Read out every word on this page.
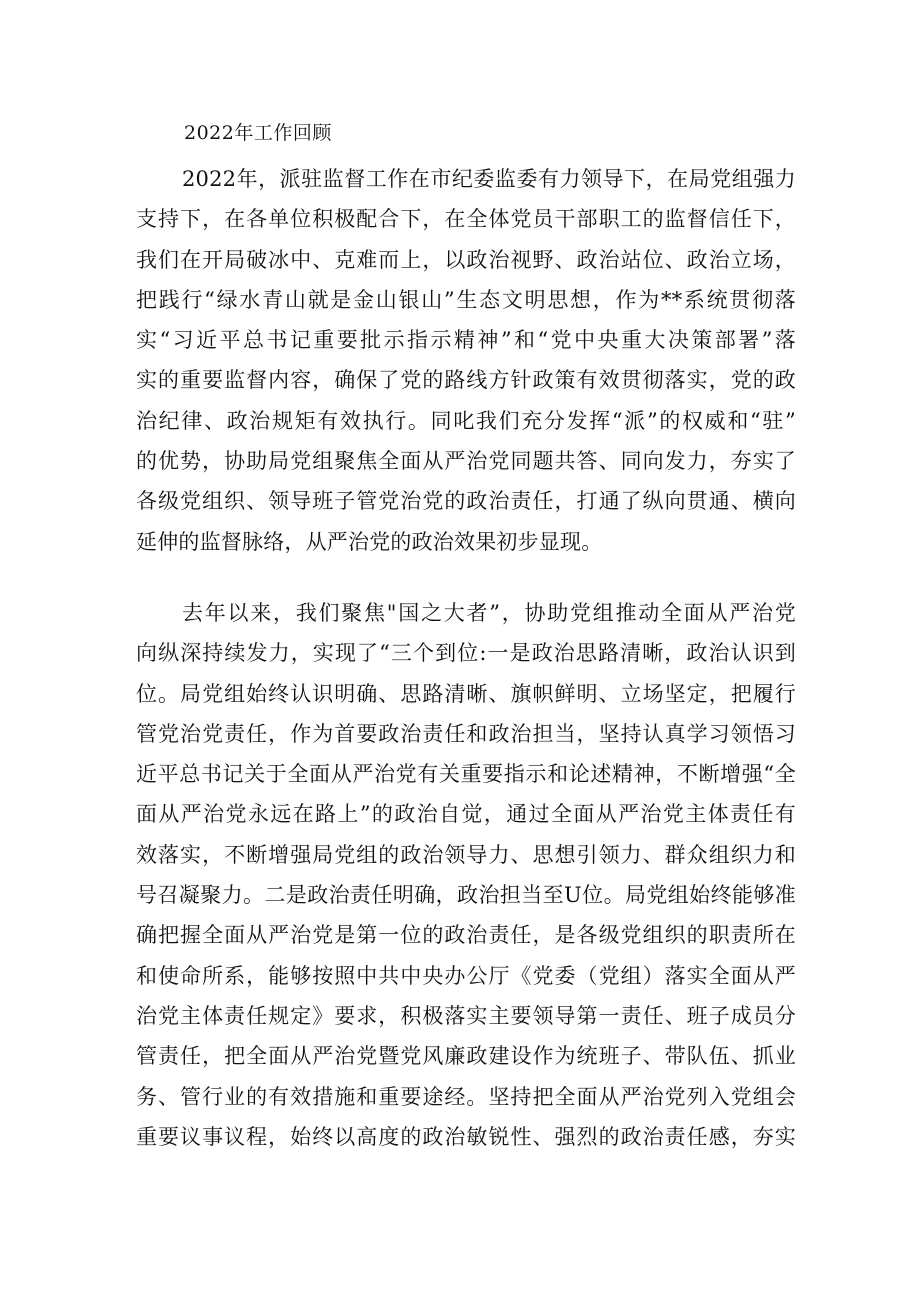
2022年工作回顾
2022年，派驻监督工作在市纪委监委有力领导下，在局党组强力
支持下，在各单位积极配合下，在全体党员干部职工的监督信任下，
我们在开局破冰中、克难而上，以政治视野、政治站位、政治立场，
把践行“绿水青山就是金山银山”生态文明思想，作为**系统贯彻落
实“习近平总书记重要批示指示精神”和“党中央重大决策部署”落
实的重要监督内容，确保了党的路线方针政策有效贯彻落实，党的政
治纪律、政治规矩有效执行。同叱我们充分发挥“派”的权威和“驻”
的优势，协助局党组聚焦全面从严治党同题共答、同向发力，夯实了
各级党组织、领导班子管党治党的政治责任，打通了纵向贯通、横向
延伸的监督脉络，从严治党的政治效果初步显现。
去年以来，我们聚焦"国之大者”，协助党组推动全面从严治党
向纵深持续发力，实现了“三个到位:一是政治思路清晰，政治认识到
位。局党组始终认识明确、思路清晰、旗帜鲜明、立场坚定，把履行
管党治党责任，作为首要政治责任和政治担当，坚持认真学习领悟习
近平总书记关于全面从严治党有关重要指示和论述精神，不断增强“全
面从严治党永远在路上”的政治自觉，通过全面从严治党主体责任有
效落实，不断增强局党组的政治领导力、思想引领力、群众组织力和
号召凝聚力。二是政治责任明确，政治担当至U位。局党组始终能够准
确把握全面从严治党是第一位的政治责任，是各级党组织的职责所在
和使命所系，能够按照中共中央办公厅《党委（党组）落实全面从严
治党主体责任规定》要求，积极落实主要领导第一责任、班子成员分
管责任，把全面从严治党暨党风廉政建设作为统班子、带队伍、抓业
务、管行业的有效措施和重要途经。坚持把全面从严治党列入党组会
重要议事议程，始终以高度的政治敏锐性、强烈的政治责任感，夯实
